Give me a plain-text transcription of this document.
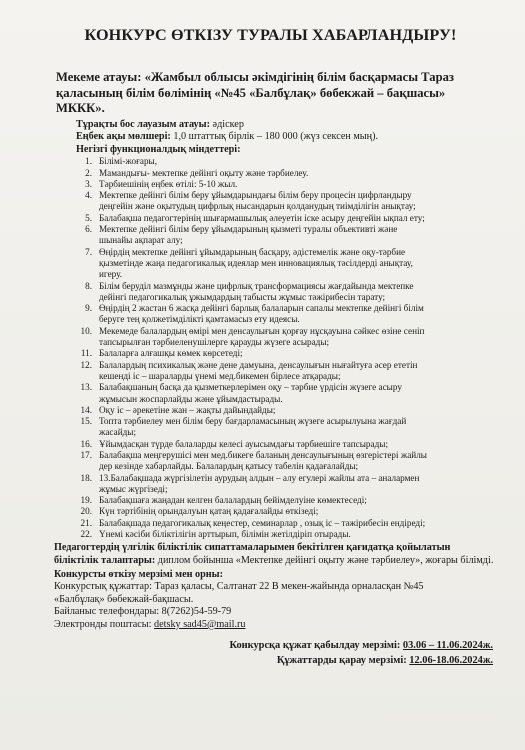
КОНКУРС ӨТКІЗУ ТУРАЛЫ ХАБАРЛАНДЫРУ!
Мекеме атауы: «Жамбыл облысы әкімдігінің білім басқармасы Тараз қаласының білім бөлімінің «№45 «Балбұлақ» бөбекжай – бақшасы» МККК».
Тұрақты бос лауазым атауы: әдіскер
Еңбек ақы мөлшері: 1,0 штаттық бірлік – 180 000 (жүз сексен мың).
Негізгі функционалдық міндеттері:
1. Білімі-жоғары,
2. Мамандығы- мектепке дейінгі оқыту және тәрбиелеу.
3. Тәрбиешінің еңбек өтілі: 5-10 жыл.
4. Мектепке дейінгі білім беру ұйымдарындағы білім беру процесін цифрландыру
деңгейін және оқытудың цифрлық нысандарын қолданудың тиімділігін анықтау;
5. Балабақша педагогтерінің шығармашылық әлеуетін іске асыру деңгейін ықпал ету;
6. Мектепке дейінгі білім беру ұйымдарының қызметі туралы объективті және
шынайы ақпарат алу;
7. Өңірдің мектепке дейінгі ұйымдарының басқару, әдістемелік және оқу-тәрбие
қызметінде жаңа педагогикалық идеялар мен инновациялық тәсілдерді анықтау,
игеру.
8. Білім беруділ мазмұнды және цифрлық трансформациясы жағдайында мектепке
дейінгі педагогикалық ұжымдардың табысты жұмыс тәжірибесін тарату;
9. Өңірдің 2 жастан 6 жасқа дейінгі барлық балаларын сапалы мектепке дейінгі білім
беруге тең қолжетімділікті қамтамасыз ету идеясы.
10. Мекемеде балалардың өмірі мен денсаулығын қорғау нұсқауына сәйкес өзіне сеніп
тапсырылған тәрбиеленушілерге қарауды жүзеге асырады;
11. Балаларға алғашқы көмек көрсетеді;
12. Балалардың психикалық және дене дамуына, денсаулығын нығайтуға әсер ететін
кешенді іс – шараларды үнемі мед.бикемен бірлесе атқарады;
13. Балабақшаның басқа да қызметкерлерімен оқу – тәрбие үрдісін жүзеге асыру
жұмысын жоспарлайды және ұйымдастырады.
14. Оқу іс – әрекетіне жан – жақты дайындайды;
15. Топта тәрбиелеу мен білім беру бағдарламасының жүзеге асырылуына жағдай
жасайды;
16. Ұйымдасқан түрде балаларды келесі ауысымдағы тәрбиешіге тапсырады;
17. Балабақша меңгерушісі мен мед.бикеге баланың денсаулығының өзгерістері жайлы
дер кезінде хабарлайды. Балалардың қатысу табелін қадағалайды;
18. 13.Балабақшада жүргізілетін аурудың алдын – алу егулері жайлы ата – аналармен
жұмыс жүргізеді;
19. Балабақшаға жаңадан келген балалардың бейімделуіне көмектеседі;
20. Күн тәртібінің орындалуын қатаң қадағалайды өткізеді;
21. Балабақшада педагогикалық кеңестер, семинарлар , озық іс – тәжірибесін ендіреді;
22. Үнемі кәсіби біліктілігін арттырып, білімін жетілдіріп отырады.
Педагогтердің үлгілік біліктілік сипаттамаларымен бекітілген қағидатқа қойылатын біліктілік талаптары: диплом бойынша «Мектепке дейінгі оқыту және тәрбиелеу», жоғары білімді.
Конкурсты өткізу мерзімі мен орны:
Конкурстық құжаттар: Тараз қаласы, Салтанат 22 В мекен-жайында орналасқан №45
«Балбұлақ» бөбекжай-бақшасы.
Байланыс телефондары: 8(7262)54-59-79
Электронды поштасы: detsky sad45@mail.ru
Конкурсқа құжат қабылдау мерзімі: 03.06 – 11.06.2024ж.
Құжаттарды қарау мерзімі: 12.06-18.06.2024ж.
